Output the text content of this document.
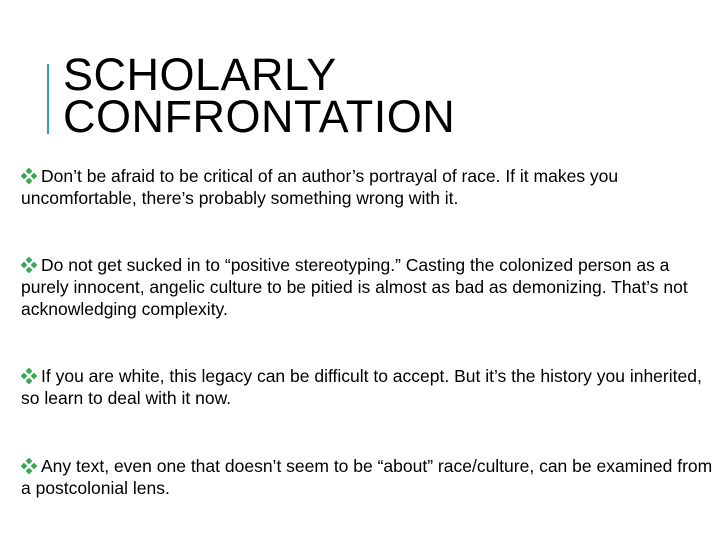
SCHOLARLY
CONFRONTATION
Don’t be afraid to be critical of an author’s portrayal of race. If it makes you uncomfortable, there’s probably something wrong with it.
Do not get sucked in to “positive stereotyping.” Casting the colonized person as a purely innocent, angelic culture to be pitied is almost as bad as demonizing. That’s not acknowledging complexity.
If you are white, this legacy can be difficult to accept. But it’s the history you inherited, so learn to deal with it now.
Any text, even one that doesn’t seem to be “about” race/culture, can be examined from a postcolonial lens.
